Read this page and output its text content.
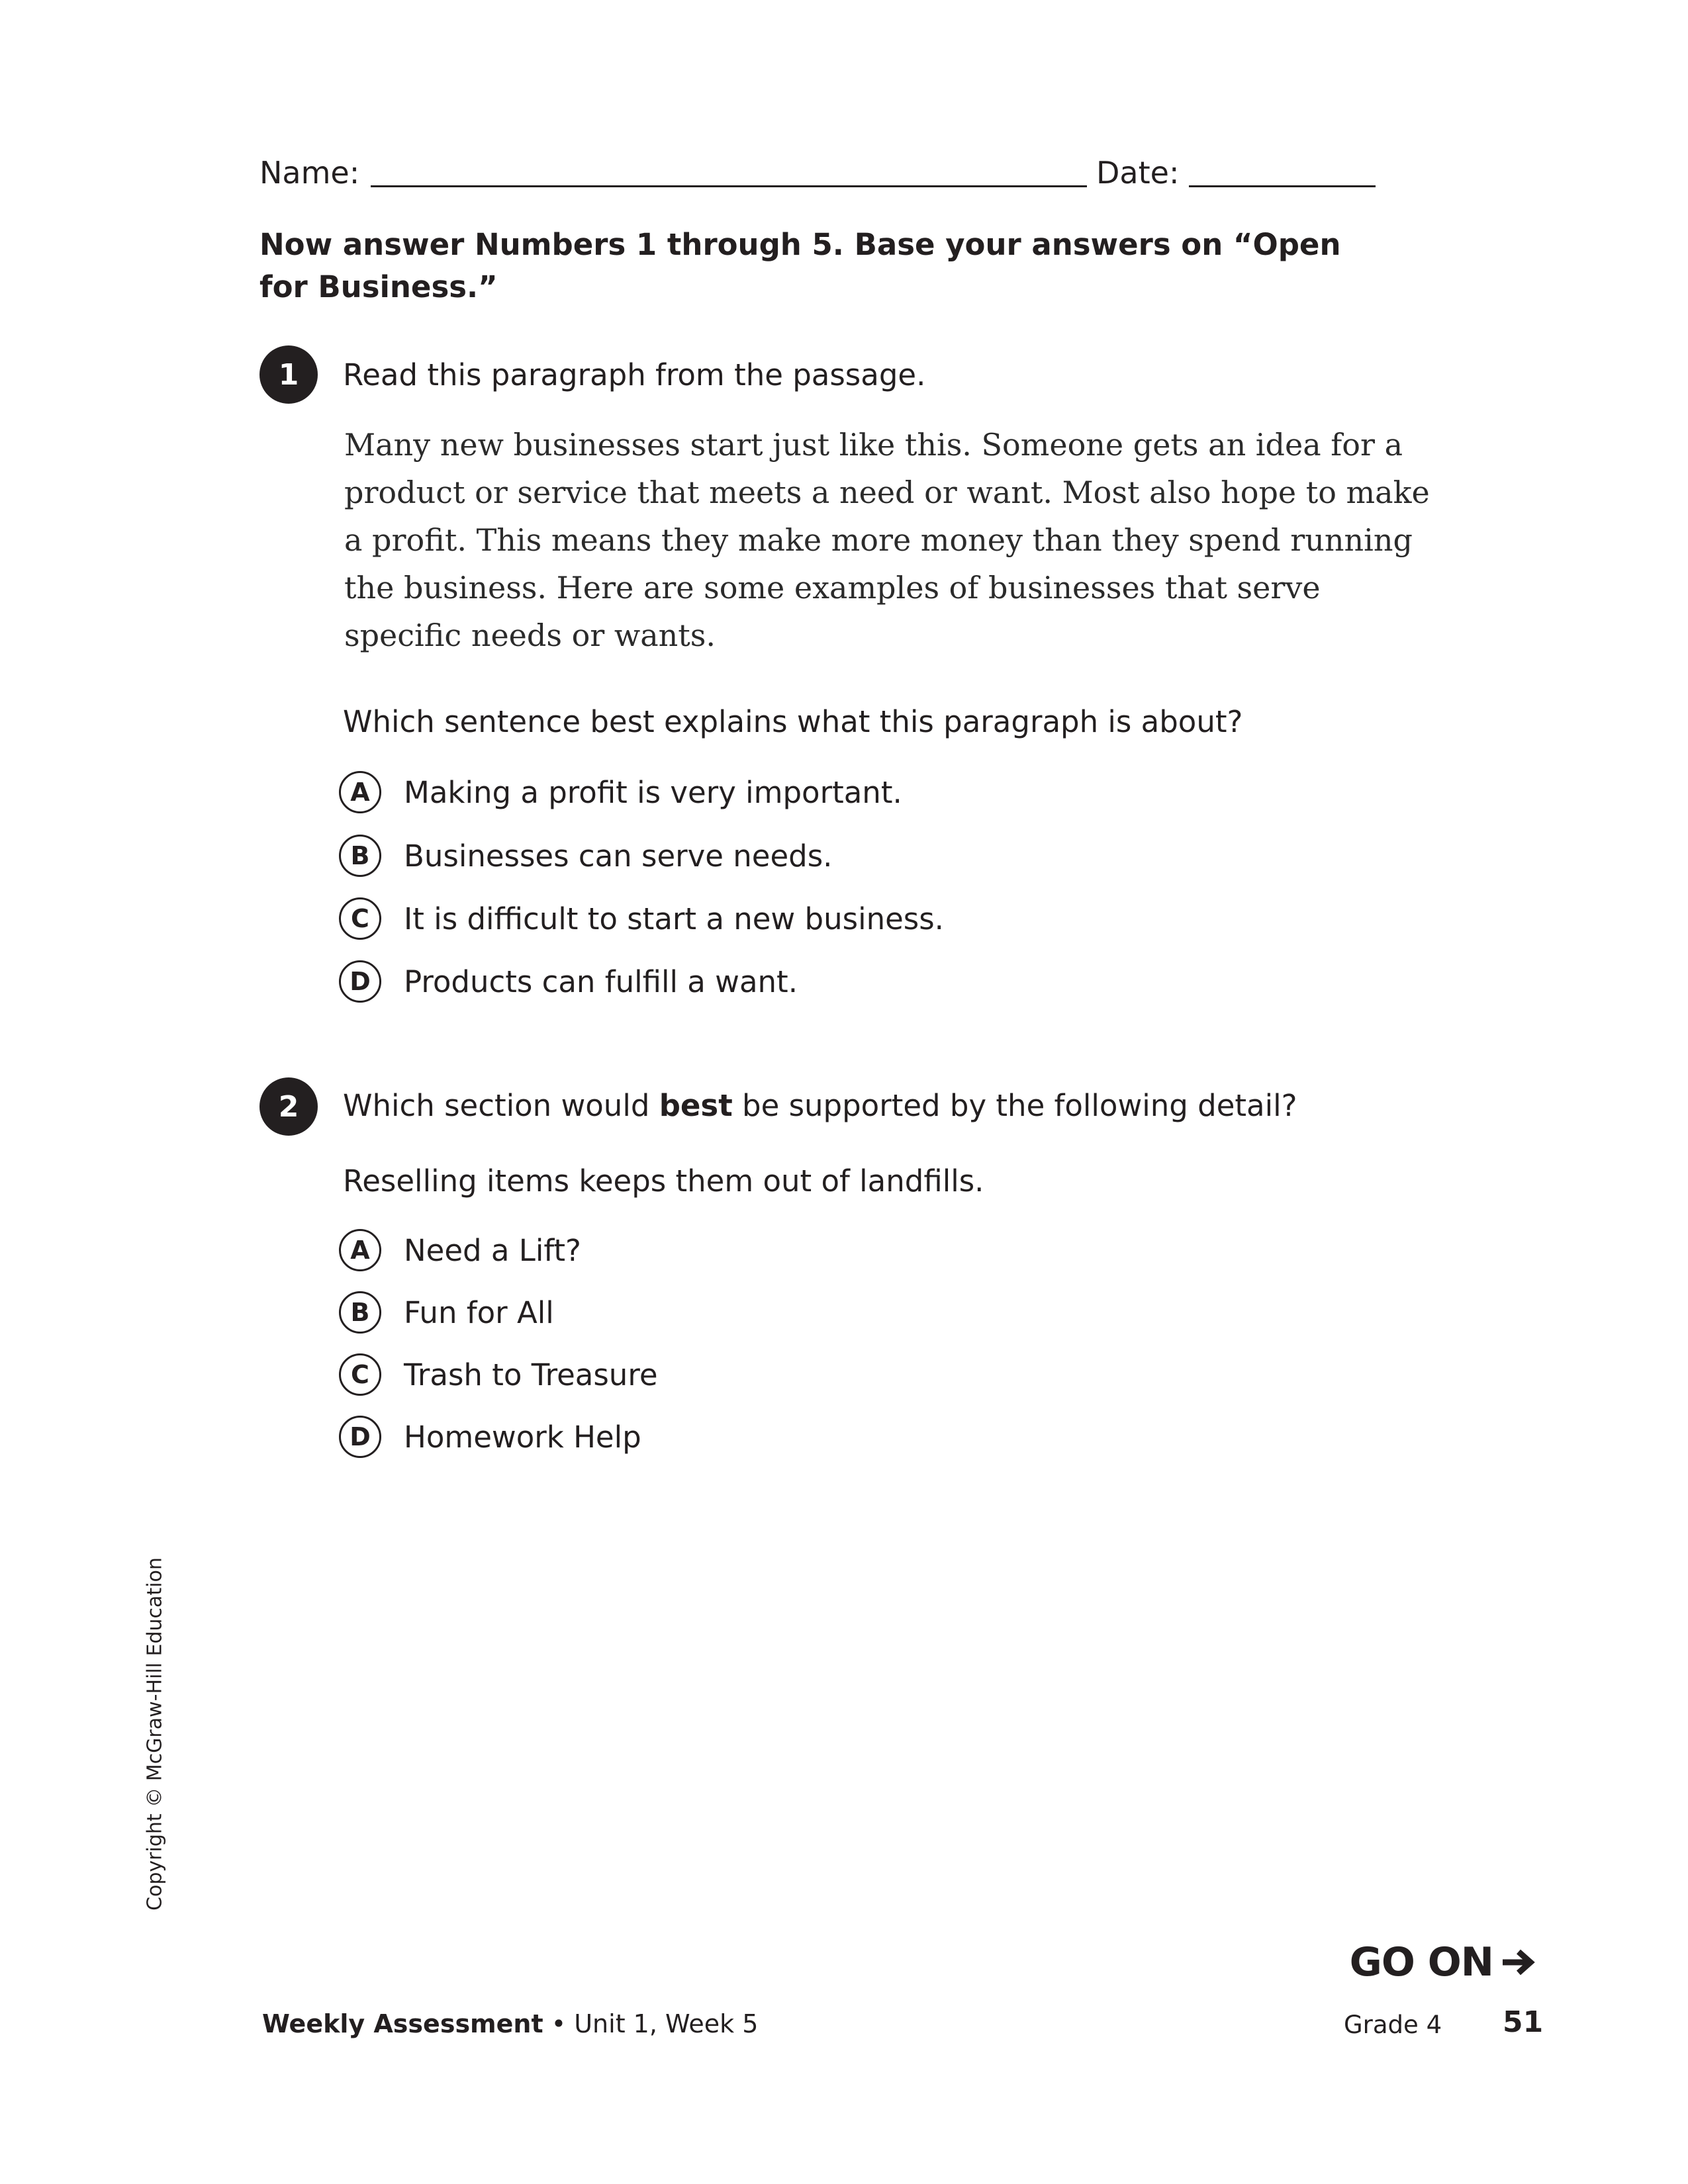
Name:	Date:
Now answer Numbers 1 through 5. Base your answers on “Open for Business.”
1	Read this paragraph from the passage.
Many new businesses start just like this. Someone gets an idea for a product or service that meets a need or want. Most also hope to make a profit. This means they make more money than they spend running the business. Here are some examples of businesses that serve specific needs or wants.
Which sentence best explains what this paragraph is about?
A	Making a profit is very important.
B	Businesses can serve needs.
C	It is difficult to start a new business.
D	Products can fulfill a want.
2	Which section would best be supported by the following detail?
Reselling items keeps them out of landfills.
A	Need a Lift?
B	Fun for All
C	Trash to Treasure
D	Homework Help
Copyright © McGraw-Hill Education
GO ON
Weekly Assessment • Unit 1, Week 5	Grade 4 51
